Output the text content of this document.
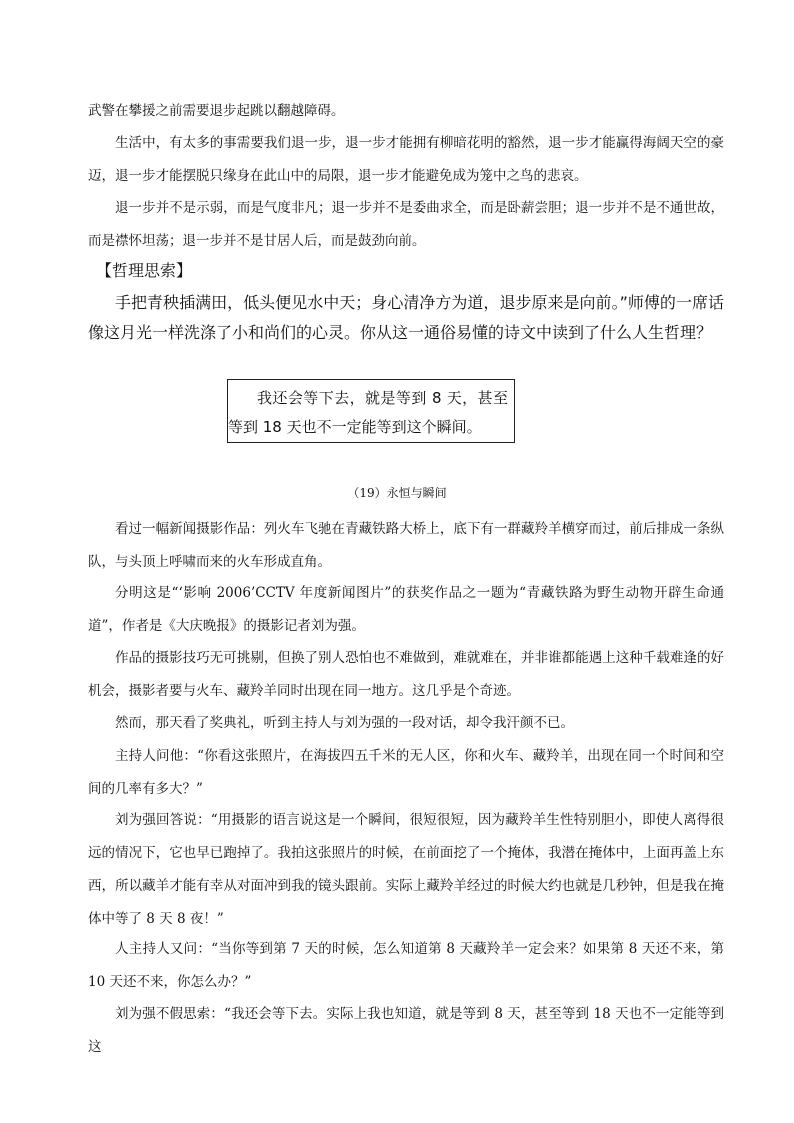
武警在攀援之前需要退步起跳以翻越障碍。

生活中，有太多的事需要我们退一步，退一步才能拥有柳暗花明的豁然，退一步才能赢得海阔天空的豪迈，退一步才能摆脱只缘身在此山中的局限，退一步才能避免成为笼中之鸟的悲哀。

退一步并不是示弱，而是气度非凡；退一步并不是委曲求全，而是卧薪尝胆；退一步并不是不通世故，而是襟怀坦荡；退一步并不是甘居人后，而是鼓劲向前。

【哲理思索】

手把青秧插满田，低头便见水中天；身心清净方为道，退步原来是向前。”师傅的一席话像这月光一样洗涤了小和尚们的心灵。你从这一通俗易懂的诗文中读到了什么人生哲理？

我还会等下去，就是等到 8 天，甚至等到 18 天也不一定能等到这个瞬间。

（19）永恒与瞬间

看过一幅新闻摄影作品：列火车飞驰在青藏铁路大桥上，底下有一群藏羚羊横穿而过，前后排成一条纵队，与头顶上呼啸而来的火车形成直角。

分明这是“‘影响 2006’CCTV 年度新闻图片”的获奖作品之一题为“青藏铁路为野生动物开辟生命通道”，作者是《大庆晚报》的摄影记者刘为强。

作品的摄影技巧无可挑剔，但换了别人恐怕也不难做到，难就难在，并非谁都能遇上这种千载难逢的好机会，摄影者要与火车、藏羚羊同时出现在同一地方。这几乎是个奇迹。

然而，那天看了奖典礼，听到主持人与刘为强的一段对话，却令我汗颜不已。

主持人问他：“你看这张照片，在海拔四五千米的无人区，你和火车、藏羚羊，出现在同一个时间和空间的几率有多大？”

刘为强回答说：“用摄影的语言说这是一个瞬间，很短很短，因为藏羚羊生性特别胆小，即使人离得很远的情况下，它也早已跑掉了。我拍这张照片的时候，在前面挖了一个掩体，我潜在掩体中，上面再盖上东西，所以藏羊才能有幸从对面冲到我的镜头跟前。实际上藏羚羊经过的时候大约也就是几秒钟，但是我在掩体中等了 8 天 8 夜！”

人主持人又问：“当你等到第 7 天的时候，怎么知道第 8 天藏羚羊一定会来？如果第 8 天还不来，第 10 天还不来，你怎么办？”

刘为强不假思索：“我还会等下去。实际上我也知道，就是等到 8 天，甚至等到 18 天也不一定能等到这
